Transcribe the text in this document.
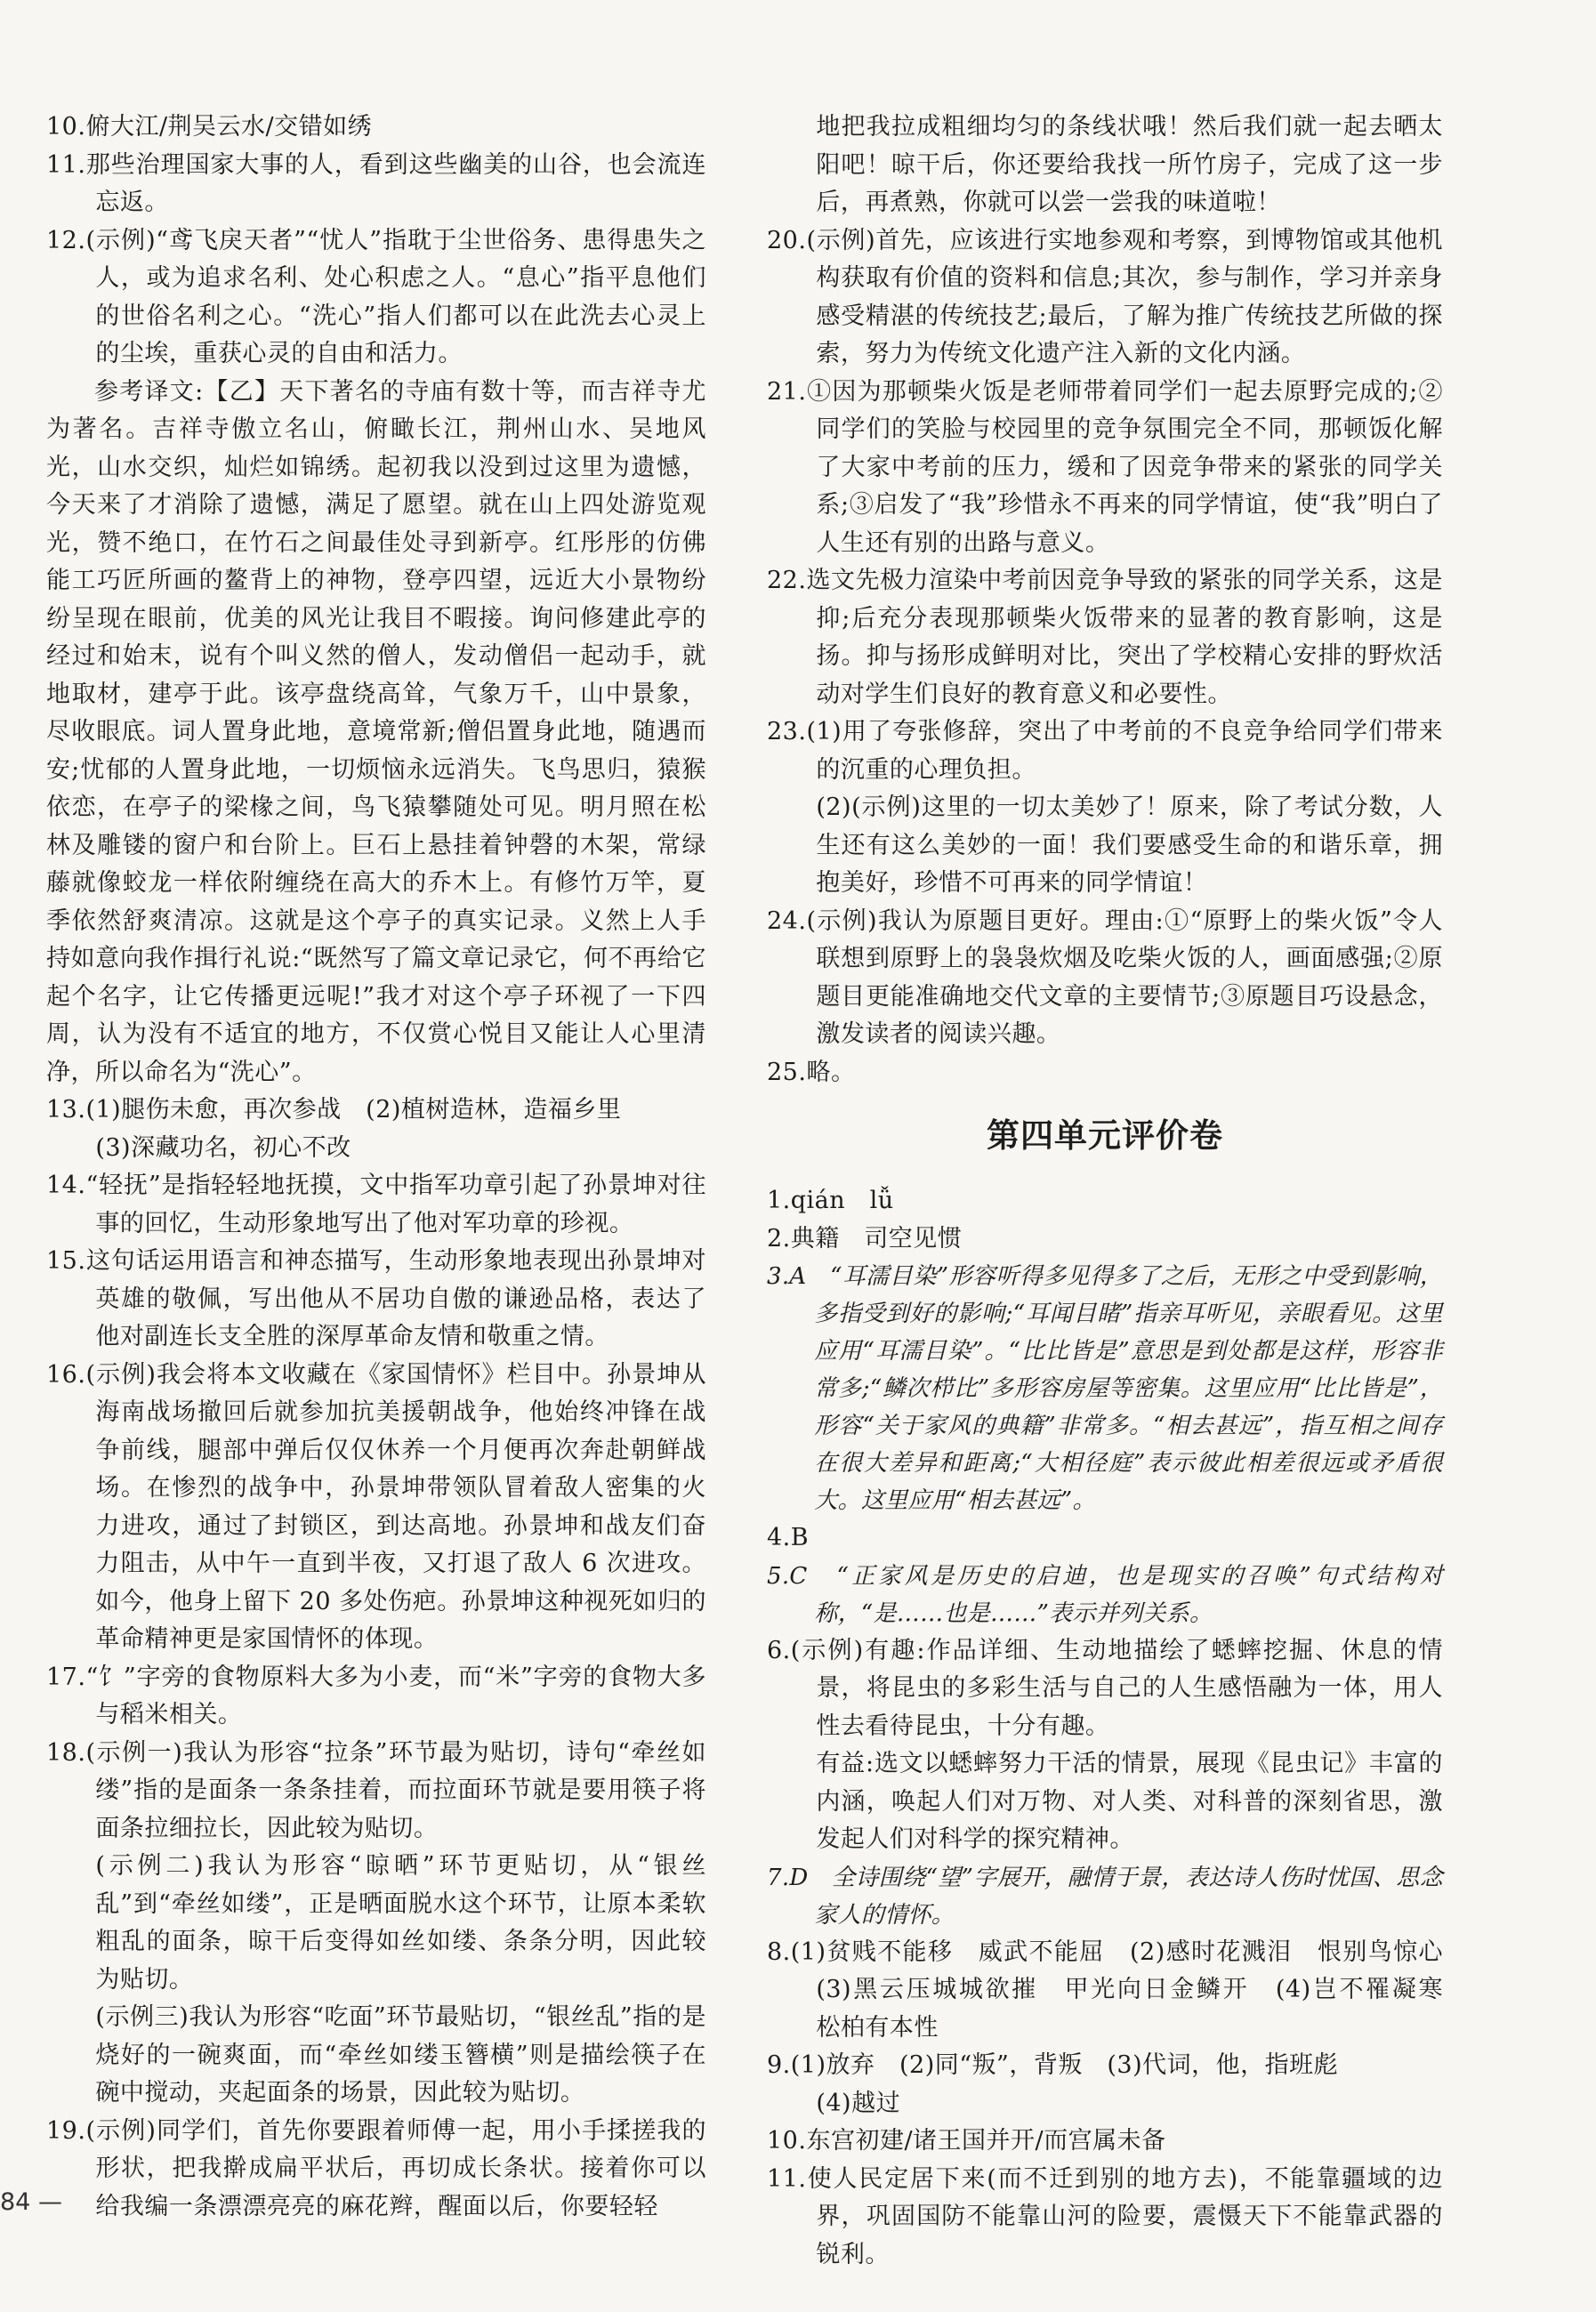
10.俯大江/荆吴云水/交错如绣

11.那些治理国家大事的人，看到这些幽美的山谷，也会流连忘返。

12.(示例)“鸢飞戾天者”“忧人”指耽于尘世俗务、患得患失之人，或为追求名利、处心积虑之人。“息心”指平息他们的世俗名利之心。“洗心”指人们都可以在此洗去心灵上的尘埃，重获心灵的自由和活力。

参考译文:【乙】天下著名的寺庙有数十等，而吉祥寺尤为著名。吉祥寺傲立名山，俯瞰长江，荆州山水、吴地风光，山水交织，灿烂如锦绣。起初我以没到过这里为遗憾，今天来了才消除了遗憾，满足了愿望。就在山上四处游览观光，赞不绝口，在竹石之间最佳处寻到新亭。红彤彤的仿佛能工巧匠所画的鳌背上的神物，登亭四望，远近大小景物纷纷呈现在眼前，优美的风光让我目不暇接。询问修建此亭的经过和始末，说有个叫义然的僧人，发动僧侣一起动手，就地取材，建亭于此。该亭盘绕高耸，气象万千，山中景象，尽收眼底。词人置身此地，意境常新;僧侣置身此地，随遇而安;忧郁的人置身此地，一切烦恼永远消失。飞鸟思归，猿猴依恋，在亭子的梁椽之间，鸟飞猿攀随处可见。明月照在松林及雕镂的窗户和台阶上。巨石上悬挂着钟磬的木架，常绿藤就像蛟龙一样依附缠绕在高大的乔木上。有修竹万竿，夏季依然舒爽清凉。这就是这个亭子的真实记录。义然上人手持如意向我作揖行礼说:“既然写了篇文章记录它，何不再给它起个名字，让它传播更远呢!”我才对这个亭子环视了一下四周，认为没有不适宜的地方，不仅赏心悦目又能让人心里清净，所以命名为“洗心”。

13.(1)腿伤未愈，再次参战　(2)植树造林，造福乡里

(3)深藏功名，初心不改

14.“轻抚”是指轻轻地抚摸，文中指军功章引起了孙景坤对往事的回忆，生动形象地写出了他对军功章的珍视。

15.这句话运用语言和神态描写，生动形象地表现出孙景坤对英雄的敬佩，写出他从不居功自傲的谦逊品格，表达了他对副连长支全胜的深厚革命友情和敬重之情。

16.(示例)我会将本文收藏在《家国情怀》栏目中。孙景坤从海南战场撤回后就参加抗美援朝战争，他始终冲锋在战争前线，腿部中弹后仅仅休养一个月便再次奔赴朝鲜战场。在惨烈的战争中，孙景坤带领队冒着敌人密集的火力进攻，通过了封锁区，到达高地。孙景坤和战友们奋力阻击，从中午一直到半夜，又打退了敌人 6 次进攻。如今，他身上留下 20 多处伤疤。孙景坤这种视死如归的革命精神更是家国情怀的体现。

17.“饣”字旁的食物原料大多为小麦，而“米”字旁的食物大多与稻米相关。

18.(示例一)我认为形容“拉条”环节最为贴切，诗句“牵丝如缕”指的是面条一条条挂着，而拉面环节就是要用筷子将面条拉细拉长，因此较为贴切。

(示例二)我认为形容“晾晒”环节更贴切，从“银丝乱”到“牵丝如缕”，正是晒面脱水这个环节，让原本柔软粗乱的面条，晾干后变得如丝如缕、条条分明，因此较为贴切。

(示例三)我认为形容“吃面”环节最贴切，“银丝乱”指的是烧好的一碗爽面，而“牵丝如缕玉簪横”则是描绘筷子在碗中搅动，夹起面条的场景，因此较为贴切。

19.(示例)同学们，首先你要跟着师傅一起，用小手揉搓我的形状，把我擀成扁平状后，再切成长条状。接着你可以给我编一条漂漂亮亮的麻花辫，醒面以后，你要轻轻

地把我拉成粗细均匀的条线状哦！然后我们就一起去晒太阳吧！晾干后，你还要给我找一所竹房子，完成了这一步后，再煮熟，你就可以尝一尝我的味道啦！

20.(示例)首先，应该进行实地参观和考察，到博物馆或其他机构获取有价值的资料和信息;其次，参与制作，学习并亲身感受精湛的传统技艺;最后，了解为推广传统技艺所做的探索，努力为传统文化遗产注入新的文化内涵。

21.①因为那顿柴火饭是老师带着同学们一起去原野完成的;②同学们的笑脸与校园里的竞争氛围完全不同，那顿饭化解了大家中考前的压力，缓和了因竞争带来的紧张的同学关系;③启发了“我”珍惜永不再来的同学情谊，使“我”明白了人生还有别的出路与意义。

22.选文先极力渲染中考前因竞争导致的紧张的同学关系，这是抑;后充分表现那顿柴火饭带来的显著的教育影响，这是扬。抑与扬形成鲜明对比，突出了学校精心安排的野炊活动对学生们良好的教育意义和必要性。

23.(1)用了夸张修辞，突出了中考前的不良竞争给同学们带来的沉重的心理负担。

(2)(示例)这里的一切太美妙了！原来，除了考试分数，人生还有这么美妙的一面！我们要感受生命的和谐乐章，拥抱美好，珍惜不可再来的同学情谊！

24.(示例)我认为原题目更好。理由:①“原野上的柴火饭”令人联想到原野上的袅袅炊烟及吃柴火饭的人，画面感强;②原题目更能准确地交代文章的主要情节;③原题目巧设悬念，激发读者的阅读兴趣。

25.略。

第四单元评价卷

1.qián　lǚ

2.典籍　司空见惯

3.A　“耳濡目染”形容听得多见得多了之后，无形之中受到影响，多指受到好的影响;“耳闻目睹”指亲耳听见，亲眼看见。这里应用“耳濡目染”。“比比皆是”意思是到处都是这样，形容非常多;“鳞次栉比”多形容房屋等密集。这里应用“比比皆是”，形容“关于家风的典籍”非常多。“相去甚远”，指互相之间存在很大差异和距离;“大相径庭”表示彼此相差很远或矛盾很大。这里应用“相去甚远”。

4.B

5.C　“正家风是历史的启迪，也是现实的召唤”句式结构对称，“是……也是……”表示并列关系。

6.(示例)有趣:作品详细、生动地描绘了蟋蟀挖掘、休息的情景，将昆虫的多彩生活与自己的人生感悟融为一体，用人性去看待昆虫，十分有趣。

有益:选文以蟋蟀努力干活的情景，展现《昆虫记》丰富的内涵，唤起人们对万物、对人类、对科普的深刻省思，激发起人们对科学的探究精神。

7.D　全诗围绕“望”字展开，融情于景，表达诗人伤时忧国、思念家人的情怀。

8.(1)贫贱不能移　威武不能屈　(2)感时花溅泪　恨别鸟惊心　(3)黑云压城城欲摧　甲光向日金鳞开　(4)岂不罹凝寒　松柏有本性

9.(1)放弃　(2)同“叛”，背叛　(3)代词，他，指班彪

(4)越过

10.东宫初建/诸王国并开/而宫属未备

11.使人民定居下来(而不迁到别的地方去)，不能靠疆域的边界，巩固国防不能靠山河的险要，震慑天下不能靠武器的锐利。

84 —
